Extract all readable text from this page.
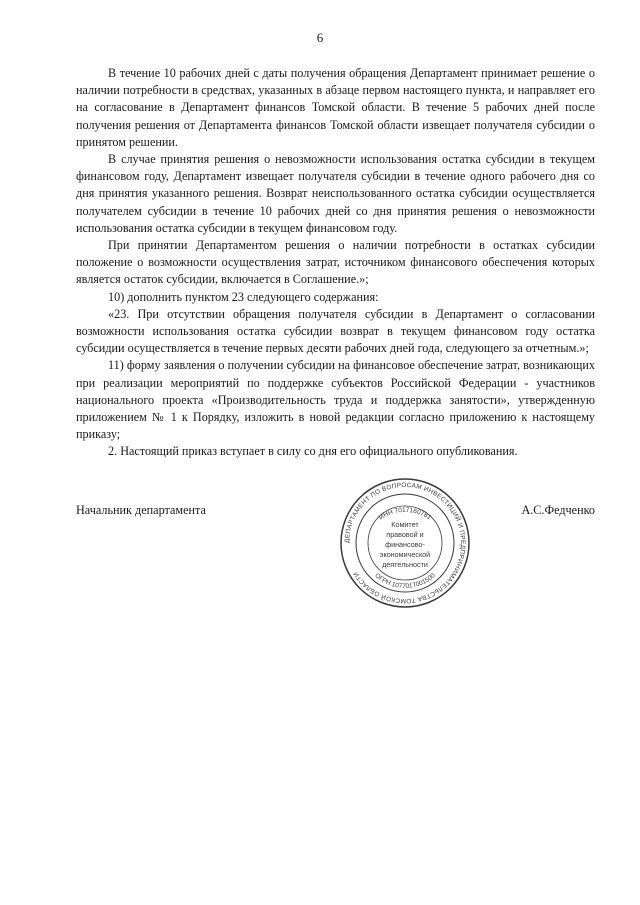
6

В течение 10 рабочих дней с даты получения обращения Департамент принимает решение о наличии потребности в средствах, указанных в абзаце первом настоящего пункта, и направляет его на согласование в Департамент финансов Томской области. В течение 5 рабочих дней после получения решения от Департамента финансов Томской области извещает получателя субсидии о принятом решении.

В случае принятия решения о невозможности использования остатка субсидии в текущем финансовом году, Департамент извещает получателя субсидии в течение одного рабочего дня со дня принятия указанного решения. Возврат неиспользованного остатка субсидии осуществляется получателем субсидии в течение 10 рабочих дней со дня принятия решения о невозможности использования остатка субсидии в текущем финансовом году.

При принятии Департаментом решения о наличии потребности в остатках субсидии положение о возможности осуществления затрат, источником финансового обеспечения которых является остаток субсидии, включается в Соглашение.»;

10) дополнить пунктом 23 следующего содержания:

«23. При отсутствии обращения получателя субсидии в Департамент о согласовании возможности использования остатка субсидии возврат в текущем финансовом году остатка субсидии осуществляется в течение первых десяти рабочих дней года, следующего за отчетным.»;

11) форму заявления о получении субсидии на финансовое обеспечение затрат, возникающих при реализации мероприятий по поддержке субъектов Российской Федерации - участников национального проекта «Производительность труда и поддержка занятости», утвержденную приложением № 1 к Порядку, изложить в новой редакции согласно приложению к настоящему приказу;

2. Настоящий приказ вступает в силу со дня его официального опубликования.

Начальник департамента	А.С.Федченко
ДЕПАРТАМЕНТ ПО ВОПРОСАМ ИНВЕСТИЦИЙ И ПРЕДПРИНИМАТЕЛЬСТВА ТОМСКОЙ ОБЛАСТИ
ИНН 7017160781
ОГРН 1077017001500
Комитет
правовой и
финансово-
экономической
деятельности
